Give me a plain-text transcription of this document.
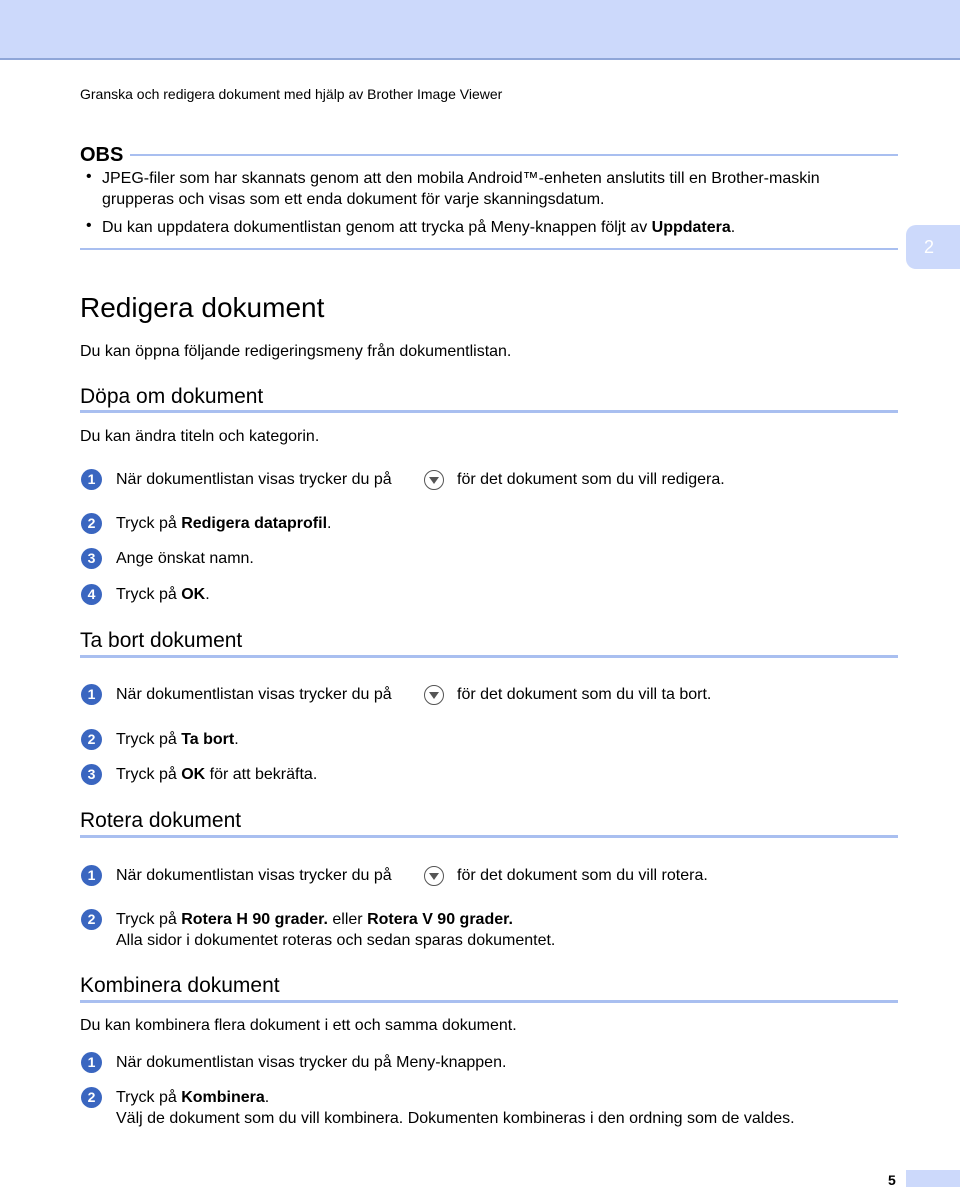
Granska och redigera dokument med hjälp av Brother Image Viewer
OBS
• JPEG-filer som har skannats genom att den mobila Android™-enheten anslutits till en Brother-maskin
grupperas och visas som ett enda dokument för varje skanningsdatum.
• Du kan uppdatera dokumentlistan genom att trycka på Meny-knappen följt av Uppdatera.
2
Redigera dokument
Du kan öppna följande redigeringsmeny från dokumentlistan.
Döpa om dokument
Du kan ändra titeln och kategorin.
1	När dokumentlistan visas trycker du på	för det dokument som du vill redigera.
2	Tryck på Redigera dataprofil.
3	Ange önskat namn.
4	Tryck på OK.
Ta bort dokument
1	När dokumentlistan visas trycker du på	för det dokument som du vill ta bort.
2	Tryck på Ta bort.
3	Tryck på OK för att bekräfta.
Rotera dokument
1	När dokumentlistan visas trycker du på	för det dokument som du vill rotera.
2	Tryck på Rotera H 90 grader. eller Rotera V 90 grader.
Alla sidor i dokumentet roteras och sedan sparas dokumentet.
Kombinera dokument
Du kan kombinera flera dokument i ett och samma dokument.
1	När dokumentlistan visas trycker du på Meny-knappen.
2	Tryck på Kombinera.
Välj de dokument som du vill kombinera. Dokumenten kombineras i den ordning som de valdes.
5
